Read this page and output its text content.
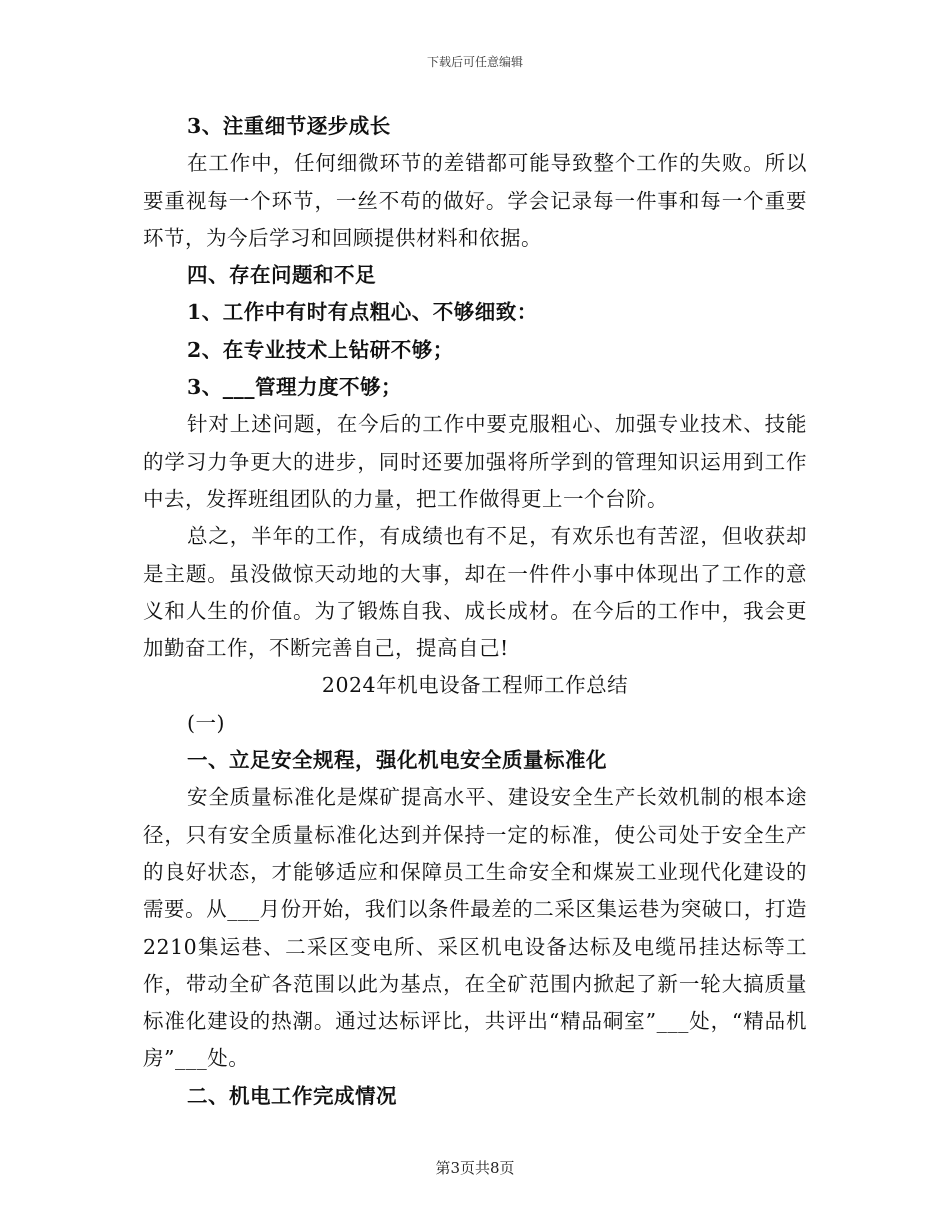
下载后可任意编辑

3、注重细节逐步成长

在工作中，任何细微环节的差错都可能导致整个工作的失败。所以要重视每一个环节，一丝不苟的做好。学会记录每一件事和每一个重要环节，为今后学习和回顾提供材料和依据。

四、存在问题和不足

1、工作中有时有点粗心、不够细致：

2、在专业技术上钻研不够；

3、___管理力度不够；

针对上述问题，在今后的工作中要克服粗心、加强专业技术、技能的学习力争更大的进步，同时还要加强将所学到的管理知识运用到工作中去，发挥班组团队的力量，把工作做得更上一个台阶。

总之，半年的工作，有成绩也有不足，有欢乐也有苦涩，但收获却是主题。虽没做惊天动地的大事，却在一件件小事中体现出了工作的意义和人生的价值。为了锻炼自我、成长成材。在今后的工作中，我会更加勤奋工作，不断完善自己，提高自己!

2024年机电设备工程师工作总结

(一)

一、立足安全规程，强化机电安全质量标准化

安全质量标准化是煤矿提高水平、建设安全生产长效机制的根本途径，只有安全质量标准化达到并保持一定的标准，使公司处于安全生产的良好状态，才能够适应和保障员工生命安全和煤炭工业现代化建设的需要。从___月份开始，我们以条件最差的二采区集运巷为突破口，打造2210集运巷、二采区变电所、采区机电设备达标及电缆吊挂达标等工作，带动全矿各范围以此为基点，在全矿范围内掀起了新一轮大搞质量标准化建设的热潮。通过达标评比，共评出“精品硐室”___处，“精品机房”___处。

二、机电工作完成情况

第3页共8页
